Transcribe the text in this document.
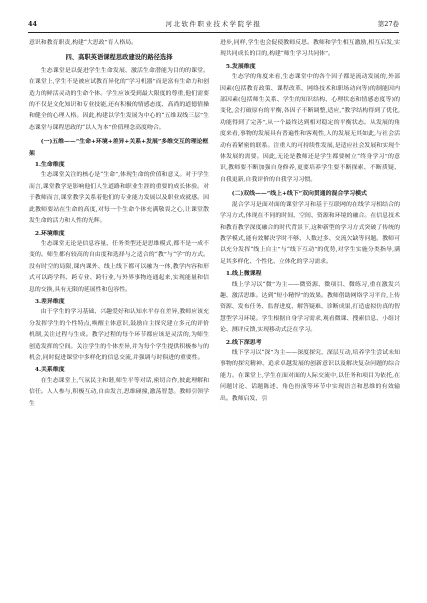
44	河北软件职业技术学院学报	第27卷

意识和教育职责,构建“大思政”育人格局。

四、高职英语课程思政建设的路径选择

生态课堂是以促进学生生命发展、激活生命潜能为目的的课堂。在课堂上,学生不是被应试教育异化的“学习机器”而是富有生命力和创造力的鲜活灵动的生命个体。学生应该受到最大限度的尊重,他们需要的不仅是文化知识和专业技能,还有积极的情感态度、高尚的道德情操和健全的心理人格。因此,构建以学生发展为中心的“五维双线三层”生态课堂与课程思政的“以人为本”价值理念高度吻合。

(一)五维——“生命+环境+差异+关系+发展”多维交互的理论框架

1.生命维度

生态课堂关注的核心是“生命”,体现生命的价值和意义。对于学生而言,课堂教学是影响他们人生道路和职业生涯的重要的成长体验。对于教师而言,课堂教学关系着他们的专业能力发展以及职业成就感。因此教师要站在生命的高度,对每一个生命个体充满敬畏之心,让课堂散发生命的活力和人性的光辉。

2.环境维度

生态课堂无论是信息容量、任务类型还是思维模式,都不是一成不变的。师生都有较高的自由度和选择与之适合的“教”与“学”的方式。没有时空的局限,课内课外、线上线下都可以融为一体,教学内容和形式可以跨学科、跨专业、跨行业,与外界事物连通起来,实现能量和信息的交换,具有无限的延展性和包容性。

3.差异维度

由于学生的学习基础、兴趣爱好和认知水平存在差异,教师应该充分发挥学生的个性特点,唤醒主体意识,鼓励自主探究建立多元的评价机制,关注过程与生成。教学过程的每个环节都应该是灵活的,为师生创造发挥的空间。关注学生的个体差异,并为每个学生提供积极参与的机会,同时促进课堂中多样化的信息交流,并强调与时俱进的重要性。

4.关系维度

在生态课堂上,气氛民主和谐,师生平等对话,密切合作,彼此理解和信任。人人参与,积极互动,自由发言,思维碰撞,激荡智慧。教师引领学生

进步,同样,学生也会促使教师反思。教师和学生相互激励,相互启发,实现共同成长的目的,构建“师生学习共同体”。

5.发展维度

生态学的角度来看,生态课堂中的各个因子都是流动发展的,外部因素(包括教育政策、课程改革、网络技术和职场动向等)的制能因内部因素(包括师生关系、学生的知识结构、心理状态和情感态度等)的变化,会打破原有的平衡,各因子不断调整,适应,“教学结构得到了优化,功能得到了完善”,从一个最终达到相对稳定的平衡状态。从发展的角度来看,事物的发展具有普遍性和客观性,人的发展无其如此,与社会活动有着紧密的联系。注重人的可持续性发展,是适应社会发展和实现个体发展的需要。因此,无论是教师还是学生都要树立“终身学习”的意识,教师要不断加强自身修养,更要培养学生要不断探索、不断质疑、自我更新,自我评价的自我学习习惯。

(二)双线——“线上+线下”双向贯通的混合学习模式

混合学习是面对面的课堂学习和基于互联网的在线学习相结合的学习方式,体现在不同的时间、空间、资源和环境的融合。在信息技术和教育教学深度融合的时代背景下,这种新型的学习方式突破了传统的教学模式,能有效解决学时不够、人数过多、交流欠缺等问题。教师可以充分发挥“线上自主”与“线下互动”的优势,对学生实施分类指导,满足其多样化、个性化、立体化的学习需求。

1.线上微课程

线上学习以“微”为主——微资源、微项目、微练习,重在激发兴趣、激活思维。达到“短小精悍”的效果。教师借助网络学习平台,上传资源、发布任务、监督进度、解答疑难、诊断成果,打造虚拟仿真的智慧型学习环境。学生根据自身学习需求,观看微课、搜索信息、小组讨论、测评反馈,实现移动式泛在学习。

2.线下深思考

线下学习以“深”为主——深度探究、深层互动,培养学生尝试未知事物的探究精神、追求卓越发展的创新意识以及解决复杂问题的综合能力。在课堂上,学生在面对面的人际交流中,以任务和项目为依托,在问题讨论、话题陈述、角色扮演等环节中实现语言和思维的有效输出。教师启发、引
